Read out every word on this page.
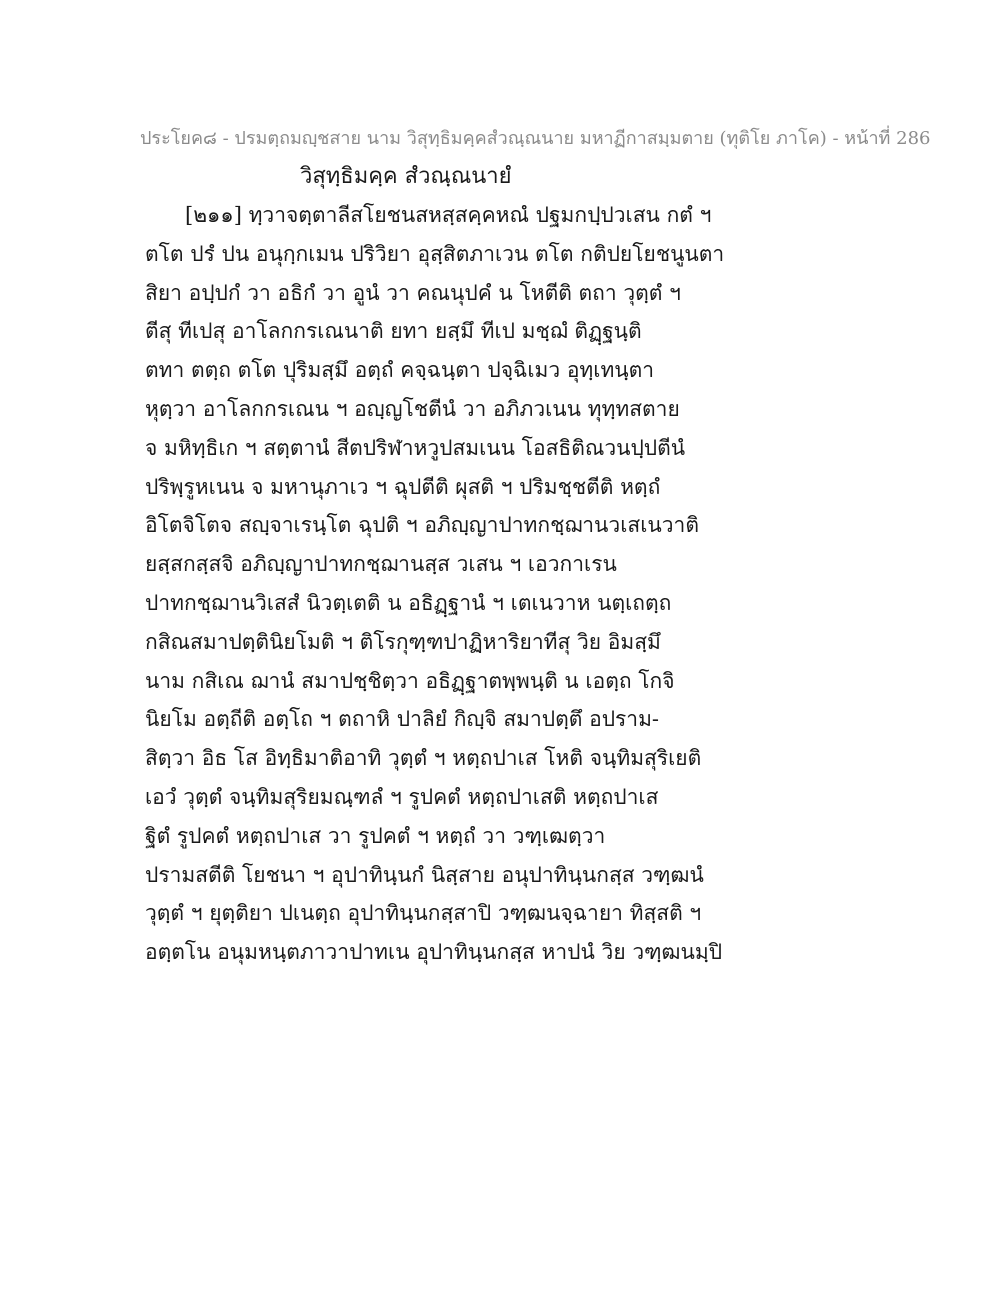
ประโยค๘ - ปรมตฺถมญฺชสาย นาม วิสุทฺธิมคฺคสํวณฺณนาย มหาฏีกาสมฺมตาย (ทุติโย ภาโค) - หน้าที่ 286
วิสุทฺธิมคฺค สํวณฺณนายํ
[๒๑๑] ทฺวาจตฺตาลีสโยชนสหสฺสคฺคหณํ ปฐมกปฺปวเสน กตํ ฯ
ตโต ปรํ ปน อนุกฺกเมน ปริวิยา อุสฺสิตภาเวน ตโต กติปยโยชนูนตา
สิยา อปฺปกํ วา อธิกํ วา อูนํ วา คณนุปคํ น โหตีติ ตถา วุตฺตํ ฯ
ตีสุ ทีเปสุ อาโลกกรเณนาติ ยทา ยสฺมึ ทีเป มชฺฌํ ติฏฺฐนฺติ
ตทา ตตฺถ ตโต ปุริมสฺมึ อตฺถํ คจฺฉนฺตา ปจฺฉิเมว อุทฺเทนฺตา
หุตฺวา อาโลกกรเณน ฯ อญฺญโชตีนํ วา อภิภวเนน ทุทฺทสตาย
จ มหิทฺธิเก ฯ สตฺตานํ สีตปริฬาหวูปสมเนน โอสธิติณวนปฺปตีนํ
ปริพฺรูหเนน จ มหานุภาเว ฯ ฉุปตีติ ผุสติ ฯ ปริมชฺชตีติ หตฺถํ
อิโตจิโตจ สญฺจาเรนฺโต ฉุปติ ฯ อภิญฺญาปาทกชฺฌานวเสเนวาติ
ยสฺสกสฺสจิ อภิญฺญาปาทกชฺฌานสฺส วเสน ฯ เอวกาเรน
ปาทกชฺฌานวิเสสํ นิวตฺเตติ น อธิฏฺฐานํ ฯ เตเนวาห นตฺเถตฺถ
กสิณสมาปตฺตินิยโมติ ฯ ติโรกุฑฺฑปาฏิหาริยาทีสุ วิย อิมสฺมึ
นาม กสิเณ ฌานํ สมาปชฺชิตฺวา อธิฏฺฐาตพฺพนฺติ น เอตฺถ โกจิ
นิยโม อตฺถีติ อตฺโถ ฯ ตถาหิ ปาลิยํ กิญฺจิ สมาปตฺตึ อปราม-
สิตฺวา อิธ โส อิทฺธิมาติอาทิ วุตฺตํ ฯ หตฺถปาเส โหติ จนฺทิมสุริเยติ
เอวํ วุตฺตํ จนฺทิมสุริยมณฺฑลํ ฯ รูปคตํ หตฺถปาเสติ หตฺถปาเส
ฐิตํ รูปคตํ หตฺถปาเส วา รูปคตํ ฯ หตฺถํ วา วฑฺเฒตฺวา
ปรามสตีติ โยชนา ฯ อุปาทินฺนกํ นิสฺสาย อนุปาทินฺนกสฺส วฑฺฒนํ
วุตฺตํ ฯ ยุตฺติยา ปเนตฺถ อุปาทินฺนกสฺสาปิ วฑฺฒนจฺฉายา ทิสฺสติ ฯ
อตฺตโน อนุมหนฺตภาวาปาทเน อุปาทินฺนกสฺส หาปนํ วิย วฑฺฒนมฺปิ
